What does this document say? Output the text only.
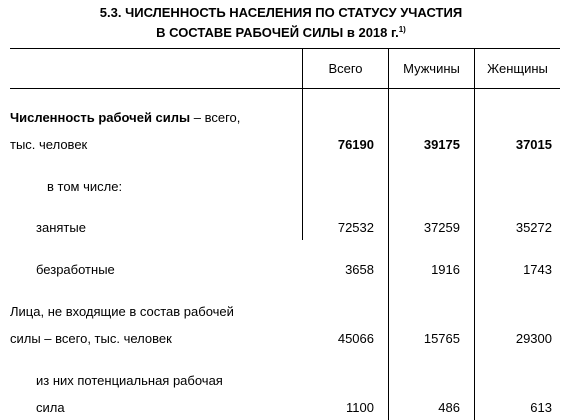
5.3. ЧИСЛЕННОСТЬ НАСЕЛЕНИЯ ПО СТАТУСУ УЧАСТИЯ
В СОСТАВЕ РАБОЧЕЙ СИЛЫ в 2018 г.$^{1)}$
Всего	Мужчины	Женщины
Численность рабочей силы – всего,
тыс. человек	76190	39175	37015
в том числе:
занятые	72532	37259	35272
безработные	3658	1916	1743
Лица, не входящие в состав рабочей
силы – всего, тыс. человек	45066	15765	29300
из них потенциальная рабочая
сила	1100	486	613
